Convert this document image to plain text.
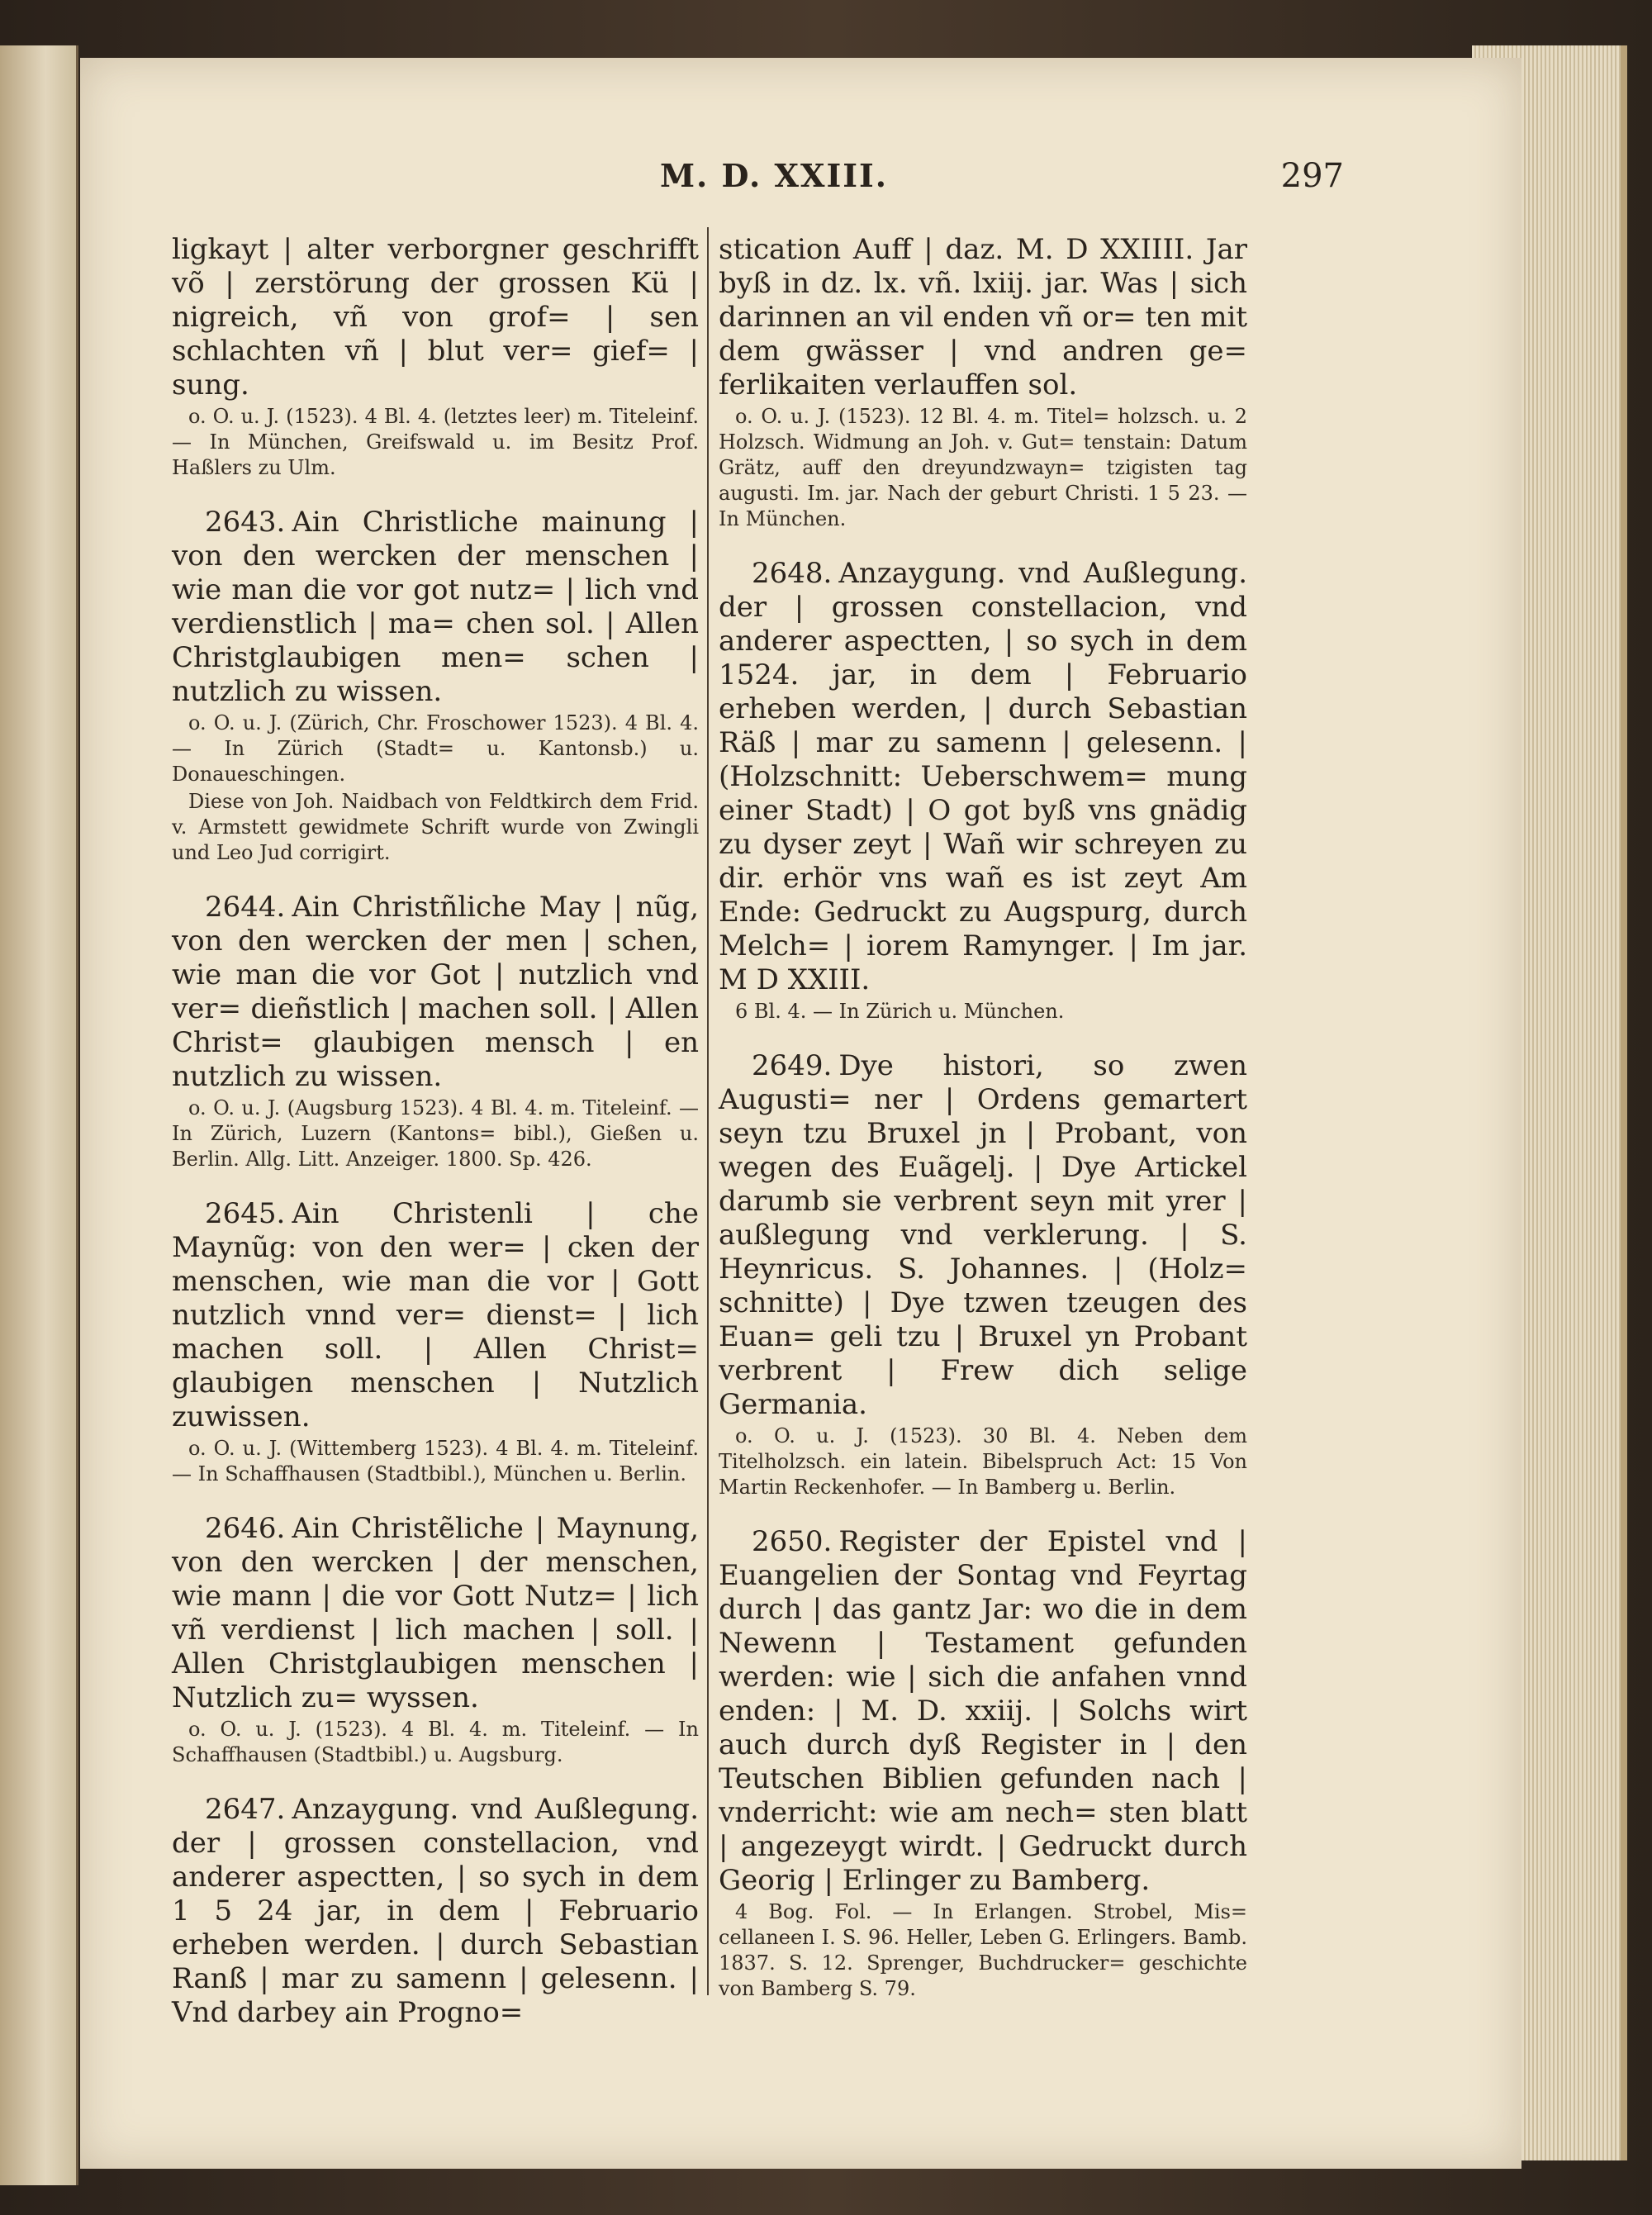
M. D. XXIII.	297

ligkayt | alter verborgner geschrifft võ | zerstörung der grossen Kü | nigreich, vñ von grof= | sen schlachten vñ | blut ver= gief= | sung.

o. O. u. J. (1523). 4 Bl. 4. (letztes leer) m. Titeleinf. — In München, Greifswald u. im Besitz Prof. Haßlers zu Ulm.

2643. Ain Christliche mainung | von den wercken der menschen | wie man die vor got nutz= | lich vnd verdienstlich | ma= chen sol. | Allen Christglaubigen men= schen | nutzlich zu wissen.

o. O. u. J. (Zürich, Chr. Froschower 1523). 4 Bl. 4. — In Zürich (Stadt= u. Kantonsb.) u. Donaueschingen.

Diese von Joh. Naidbach von Feldtkirch dem Frid. v. Armstett gewidmete Schrift wurde von Zwingli und Leo Jud corrigirt.

2644. Ain Christñliche May | nũg, von den wercken der men | schen, wie man die vor Got | nutzlich vnd ver= dieñstlich | machen soll. | Allen Christ= glaubigen mensch | en nutzlich zu wissen.

o. O. u. J. (Augsburg 1523). 4 Bl. 4. m. Titeleinf. — In Zürich, Luzern (Kantons= bibl.), Gießen u. Berlin. Allg. Litt. Anzeiger. 1800. Sp. 426.

2645. Ain Christenli | che Maynũg: von den wer= | cken der menschen, wie man die vor | Gott nutzlich vnnd ver= dienst= | lich machen soll. | Allen Christ= glaubigen menschen | Nutzlich zuwissen.

o. O. u. J. (Wittemberg 1523). 4 Bl. 4. m. Titeleinf. — In Schaffhausen (Stadtbibl.), München u. Berlin.

2646. Ain Christẽliche | Maynung, von den wercken | der menschen, wie mann | die vor Gott Nutz= | lich vñ verdienst | lich machen | soll. | Allen Christglaubigen menschen | Nutzlich zu= wyssen.

o. O. u. J. (1523). 4 Bl. 4. m. Titeleinf. — In Schaffhausen (Stadtbibl.) u. Augsburg.

2647. Anzaygung. vnd Außlegung. der | grossen constellacion, vnd anderer aspectten, | so sych in dem 1 5 24 jar, in dem | Februario erheben werden. | durch Sebastian Ranß | mar zu samenn | gelesenn. | Vnd darbey ain Progno=

stication Auff | daz. M. D XXIIII. Jar byß in dz. lx. vñ. lxiij. jar. Was | sich darinnen an vil enden vñ or= ten mit dem gwässer | vnd andren ge= ferlikaiten verlauffen sol.

o. O. u. J. (1523). 12 Bl. 4. m. Titel= holzsch. u. 2 Holzsch. Widmung an Joh. v. Gut= tenstain: Datum Grätz, auff den dreyundzwayn= tzigisten tag augusti. Im. jar. Nach der geburt Christi. 1 5 23. — In München.

2648. Anzaygung. vnd Außlegung. der | grossen constellacion, vnd anderer aspectten, | so sych in dem 1524. jar, in dem | Februario erheben werden, | durch Sebastian Räß | mar zu samenn | gelesenn. | (Holzschnitt: Ueberschwem= mung einer Stadt) | O got byß vns gnädig zu dyser zeyt | Wañ wir schreyen zu dir. erhör vns wañ es ist zeyt Am Ende: Gedruckt zu Augspurg, durch Melch= | iorem Ramynger. | Im jar. M D XXIII.

6 Bl. 4. — In Zürich u. München.

2649. Dye histori, so zwen Augusti= ner | Ordens gemartert seyn tzu Bruxel jn | Probant, von wegen des Euãgelj. | Dye Artickel darumb sie verbrent seyn mit yrer | außlegung vnd verklerung. | S. Heynricus. S. Johannes. | (Holz= schnitte) | Dye tzwen tzeugen des Euan= geli tzu | Bruxel yn Probant verbrent | Frew dich selige Germania.

o. O. u. J. (1523). 30 Bl. 4. Neben dem Titelholzsch. ein latein. Bibelspruch Act: 15 Von Martin Reckenhofer. — In Bamberg u. Berlin.

2650. Register der Epistel vnd | Euangelien der Sontag vnd Feyrtag durch | das gantz Jar: wo die in dem Newenn | Testament gefunden werden: wie | sich die anfahen vnnd enden: | M. D. xxiij. | Solchs wirt auch durch dyß Register in | den Teutschen Biblien gefunden nach | vnderricht: wie am nech= sten blatt | angezeygt wirdt. | Gedruckt durch Georig | Erlinger zu Bamberg.

4 Bog. Fol. — In Erlangen. Strobel, Mis= cellaneen I. S. 96. Heller, Leben G. Erlingers. Bamb. 1837. S. 12. Sprenger, Buchdrucker= geschichte von Bamberg S. 79.
